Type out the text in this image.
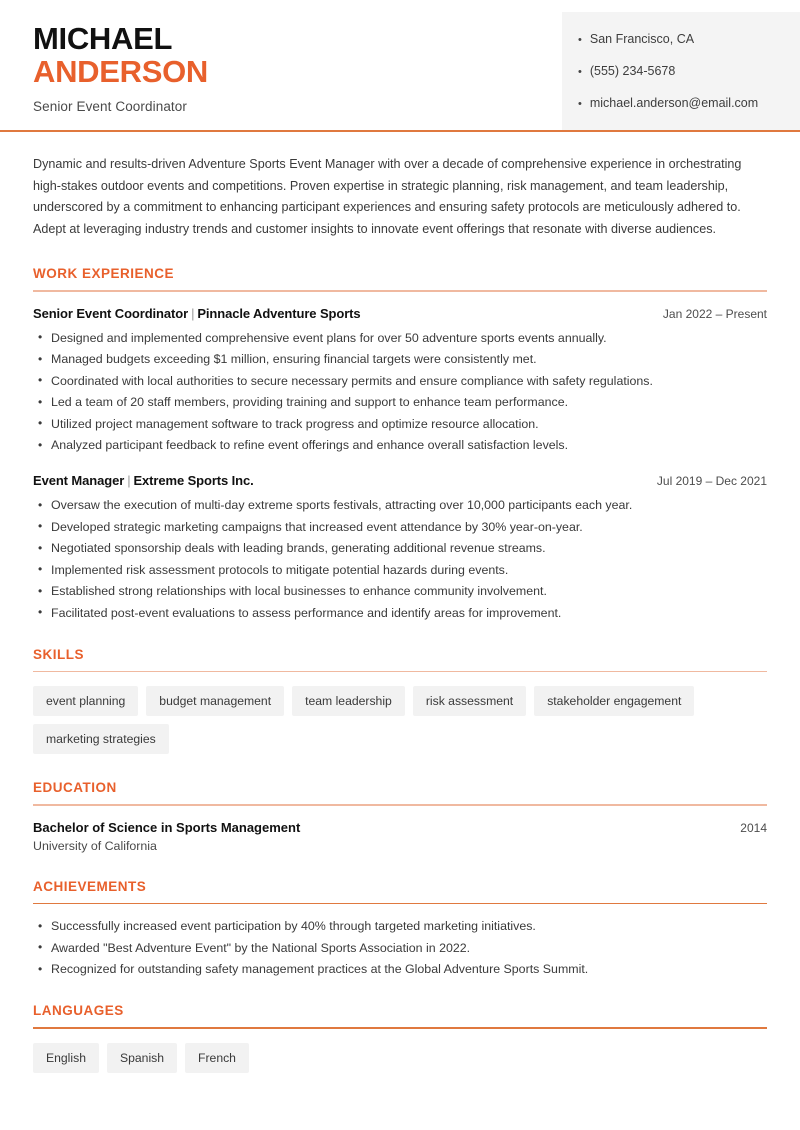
MICHAEL
ANDERSON
Senior Event Coordinator
• San Francisco, CA
• (555) 234-5678
• michael.anderson@email.com
Dynamic and results-driven Adventure Sports Event Manager with over a decade of comprehensive experience in orchestrating high-stakes outdoor events and competitions. Proven expertise in strategic planning, risk management, and team leadership, underscored by a commitment to enhancing participant experiences and ensuring safety protocols are meticulously adhered to. Adept at leveraging industry trends and customer insights to innovate event offerings that resonate with diverse audiences.
WORK EXPERIENCE
Senior Event Coordinator | Pinnacle Adventure Sports	Jan 2022 – Present
• Designed and implemented comprehensive event plans for over 50 adventure sports events annually.
• Managed budgets exceeding $1 million, ensuring financial targets were consistently met.
• Coordinated with local authorities to secure necessary permits and ensure compliance with safety regulations.
• Led a team of 20 staff members, providing training and support to enhance team performance.
• Utilized project management software to track progress and optimize resource allocation.
• Analyzed participant feedback to refine event offerings and enhance overall satisfaction levels.
Event Manager | Extreme Sports Inc.	Jul 2019 – Dec 2021
• Oversaw the execution of multi-day extreme sports festivals, attracting over 10,000 participants each year.
• Developed strategic marketing campaigns that increased event attendance by 30% year-on-year.
• Negotiated sponsorship deals with leading brands, generating additional revenue streams.
• Implemented risk assessment protocols to mitigate potential hazards during events.
• Established strong relationships with local businesses to enhance community involvement.
• Facilitated post-event evaluations to assess performance and identify areas for improvement.
SKILLS
event planning	budget management	team leadership	risk assessment	stakeholder engagement
marketing strategies
EDUCATION
Bachelor of Science in Sports Management	2014
University of California
ACHIEVEMENTS
• Successfully increased event participation by 40% through targeted marketing initiatives.
• Awarded "Best Adventure Event" by the National Sports Association in 2022.
• Recognized for outstanding safety management practices at the Global Adventure Sports Summit.
LANGUAGES
English	Spanish	French
